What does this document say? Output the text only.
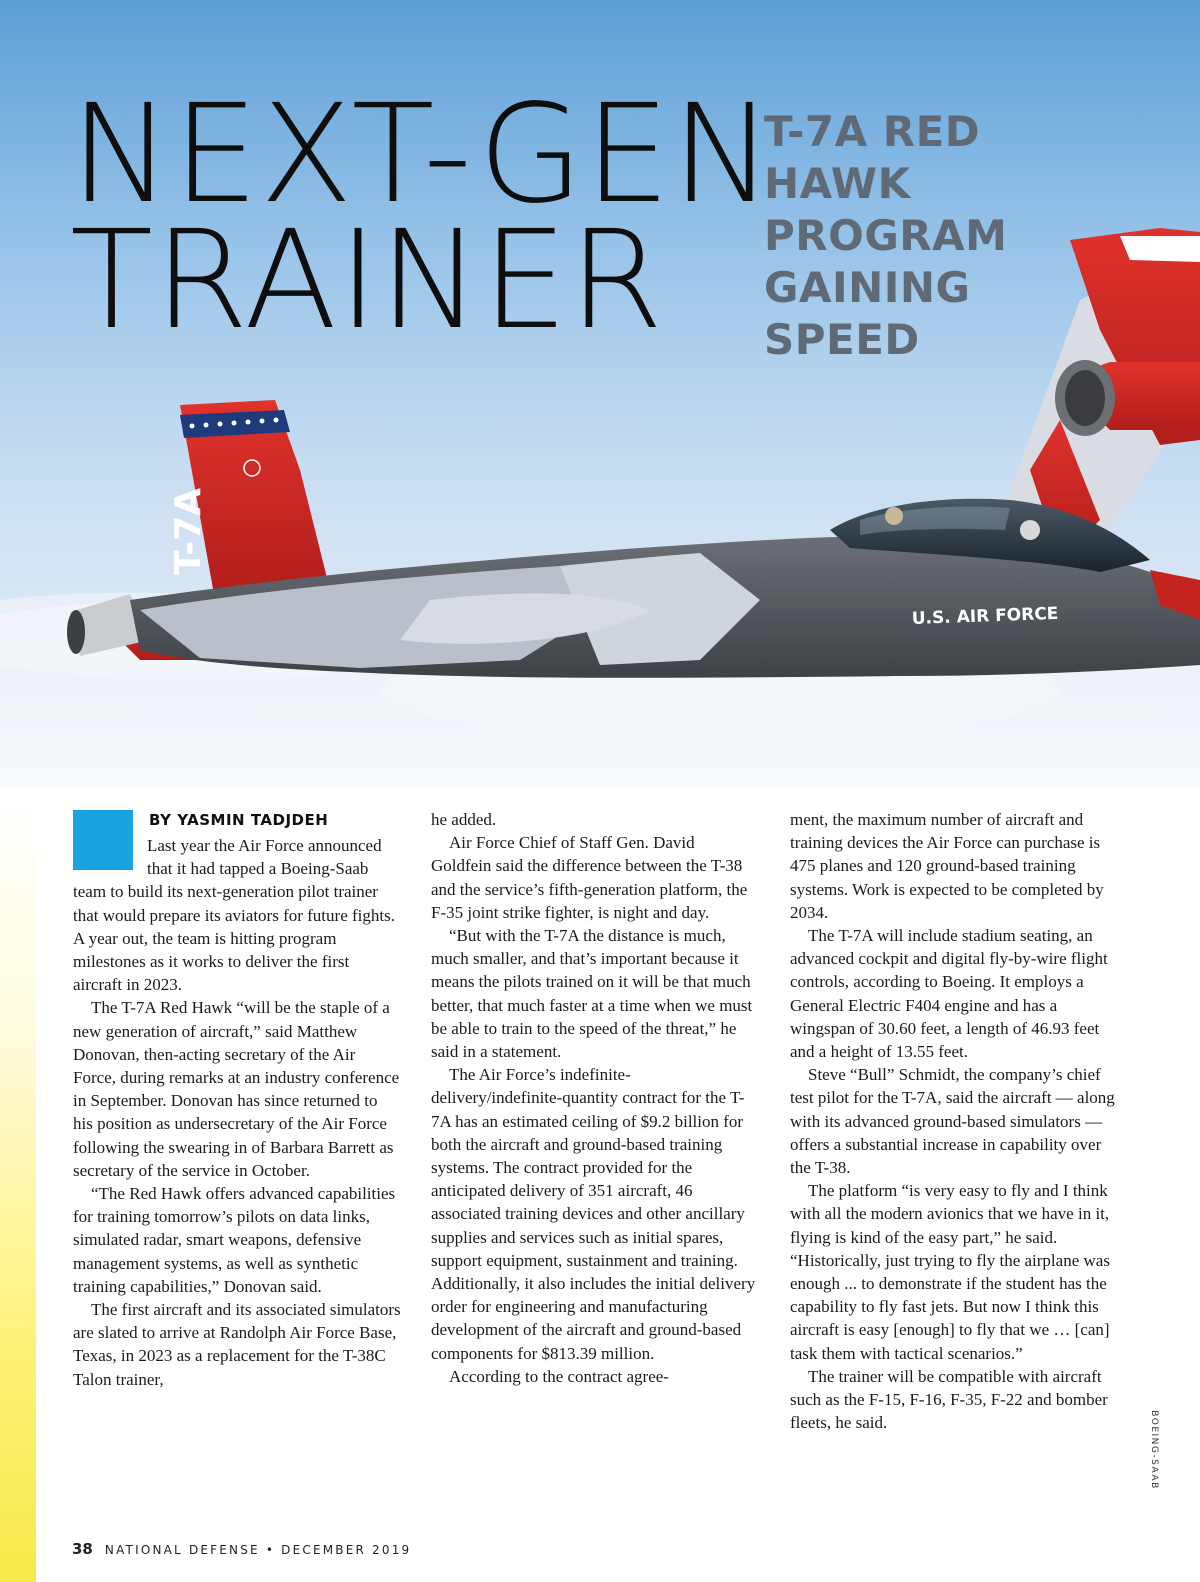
T-7A
U.S. AIR FORCE
NEXT-GEN
TRAINER
T-7A RED
HAWK
PROGRAM
GAINING
SPEED
BOEING-SAAB
BY YASMIN TADJDEH

Last year the Air Force announced that it had tapped a Boeing-Saab team to build its next-generation pilot trainer that would prepare its aviators for future fights. A year out, the team is hitting program milestones as it works to deliver the first aircraft in 2023.

The T-7A Red Hawk “will be the staple of a new generation of aircraft,” said Matthew Donovan, then-acting secretary of the Air Force, during remarks at an industry conference in September. Donovan has since returned to his position as undersecretary of the Air Force following the swearing in of Barbara Barrett as secretary of the service in October.

“The Red Hawk offers advanced capabilities for training tomorrow’s pilots on data links, simulated radar, smart weapons, defensive management systems, as well as synthetic training capabilities,” Donovan said.

The first aircraft and its associated simulators are slated to arrive at Randolph Air Force Base, Texas, in 2023 as a replacement for the T-38C Talon trainer,

he added.

Air Force Chief of Staff Gen. David Goldfein said the difference between the T-38 and the service’s fifth-generation platform, the F-35 joint strike fighter, is night and day.

“But with the T-7A the distance is much, much smaller, and that’s important because it means the pilots trained on it will be that much better, that much faster at a time when we must be able to train to the speed of the threat,” he said in a statement.

The Air Force’s indefinite-delivery/indefinite-quantity contract for the T-7A has an estimated ceiling of $9.2 billion for both the aircraft and ground-based training systems. The contract provided for the anticipated delivery of 351 aircraft, 46 associated training devices and other ancillary supplies and services such as initial spares, support equipment, sustainment and training. Additionally, it also includes the initial delivery order for engineering and manufacturing development of the aircraft and ground-based components for $813.39 million.

According to the contract agree-

ment, the maximum number of aircraft and training devices the Air Force can purchase is 475 planes and 120 ground-based training systems. Work is expected to be completed by 2034.

The T-7A will include stadium seating, an advanced cockpit and digital fly-by-wire flight controls, according to Boeing. It employs a General Electric F404 engine and has a wingspan of 30.60 feet, a length of 46.93 feet and a height of 13.55 feet.

Steve “Bull” Schmidt, the company’s chief test pilot for the T-7A, said the aircraft — along with its advanced ground-based simulators — offers a substantial increase in capability over the T-38.

The platform “is very easy to fly and I think with all the modern avionics that we have in it, flying is kind of the easy part,” he said. “Historically, just trying to fly the airplane was enough ... to demonstrate if the student has the capability to fly fast jets. But now I think this aircraft is easy [enough] to fly that we … [can] task them with tactical scenarios.”

The trainer will be compatible with aircraft such as the F-15, F-16, F-35, F-22 and bomber fleets, he said.

38 NATIONAL DEFENSE • DECEMBER 2019
